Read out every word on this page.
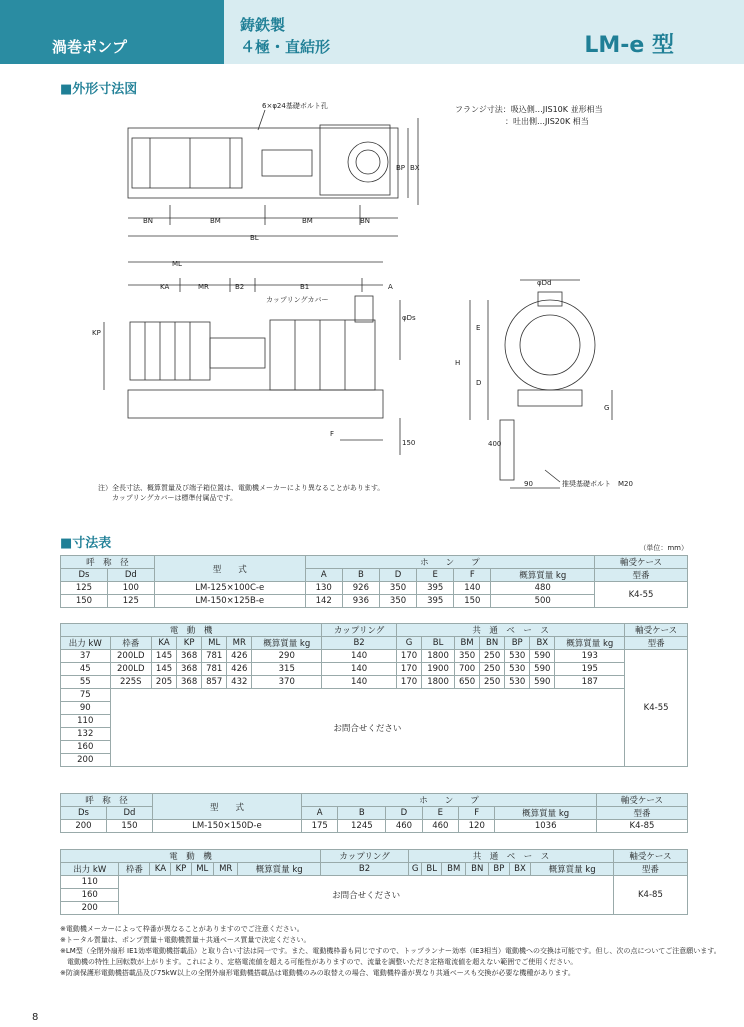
渦巻ポンプ
鋳鉄製
４極・直結形	LM-e 型
■外形寸法図
6×φ24基礎ボルト孔
BN	BM	BM	BN
BL
BP BX
ML
KA	MR	B2	B1	A
KP
φDs
F
150
カップリングカバー
φDd
E
H
D
G
400
90	推奨基礎ボルト　M20
フランジ寸法：吸込側…JIS10K 並形相当
：吐出側…JIS20K 相当
注）全長寸法、概算質量及び端子箱位置は、電動機メーカーにより異なることがあります。
カップリングカバーは標準付属品です。
■寸法表	（単位：mm）
呼　称　径		型　　式	ホ　　ン　　プ						軸受ケース
Ds	Dd		A	B	D	E	F	概算質量 kg	型番
125	100	LM-125×100C-e	130	926	350	395	140	480	K4-55
150	125	LM-150×125B-e	142	936	350	395	150	500	
電　動　機							カップリング	共　通　ベ　ー　ス							軸受ケース
出力 kW	枠番	KA	KP	ML	MR	概算質量 kg	B2	G	BL	BM	BN	BP	BX	概算質量 kg	型番
37	200LD	145	368	781	426	290	140	170	1800	350	250	530	590	193	K4-55
45	200LD	145	368	781	426	315	140	170	1900	700	250	530	590	195	
55	225S	205	368	857	432	370	140	170	1800	650	250	530	590	187	
75	お問合せください														
90															
110															
132															
160															
200															
呼　称　径		型　　式	ホ　　ン　　プ						軸受ケース
Ds	Dd		A	B	D	E	F	概算質量 kg	型番
200	150	LM-150×150D-e	175	1245	460	460	120	1036	K4-85
電　動　機							カップリング	共　通　ベ　ー　ス							軸受ケース
出力 kW	枠番	KA	KP	ML	MR	概算質量 kg	B2	G	BL	BM	BN	BP	BX	概算質量 kg	型番
110	お問合せください														K4-85
160															
200															
※電動機メーカーによって枠番が異なることがありますのでご注意ください。
※トータル質量は、ポンプ質量＋電動機質量＋共通ベース質量で決定ください。
※LM型（全閉外扇形 IE1効率電動機搭載品）と取り合い寸法は同一です。また、電動機枠番も同じですので、トップランナー効率（IE3相当）電動機への交換は可能です。但し、次の点についてご注意願います。
　電動機の特性上回転数が上がります。これにより、定格電流値を超える可能性がありますので、流量を調整いただき定格電流値を超えない範囲でご使用ください。
※防滴保護形電動機搭載品及び75kW以上の全閉外扇形電動機搭載品は電動機のみの取替えの場合、電動機枠番が異なり共通ベースも交換が必要な機種があります。
8
